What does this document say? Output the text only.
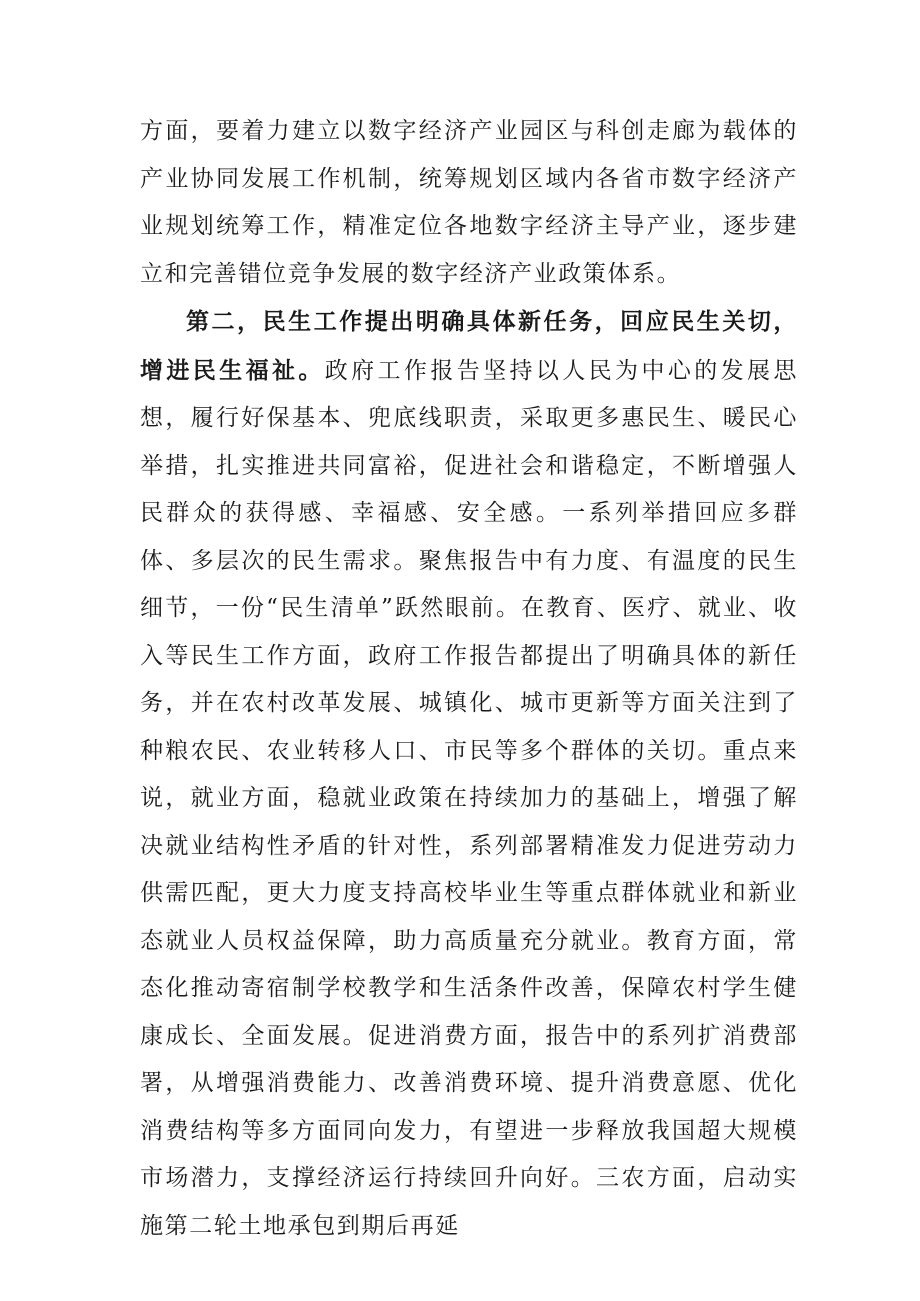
方面，要着力建立以数字经济产业园区与科创走廊为载体的产业协同发展工作机制，统筹规划区域内各省市数字经济产业规划统筹工作，精准定位各地数字经济主导产业，逐步建立和完善错位竞争发展的数字经济产业政策体系。

第二，民生工作提出明确具体新任务，回应民生关切，增进民生福祉。政府工作报告坚持以人民为中心的发展思想，履行好保基本、兜底线职责，采取更多惠民生、暖民心举措，扎实推进共同富裕，促进社会和谐稳定，不断增强人民群众的获得感、幸福感、安全感。一系列举措回应多群体、多层次的民生需求。聚焦报告中有力度、有温度的民生细节，一份“民生清单”跃然眼前。在教育、医疗、就业、收入等民生工作方面，政府工作报告都提出了明确具体的新任务，并在农村改革发展、城镇化、城市更新等方面关注到了种粮农民、农业转移人口、市民等多个群体的关切。重点来说，就业方面，稳就业政策在持续加力的基础上，增强了解决就业结构性矛盾的针对性，系列部署精准发力促进劳动力供需匹配，更大力度支持高校毕业生等重点群体就业和新业态就业人员权益保障，助力高质量充分就业。教育方面，常态化推动寄宿制学校教学和生活条件改善，保障农村学生健康成长、全面发展。促进消费方面，报告中的系列扩消费部署，从增强消费能力、改善消费环境、提升消费意愿、优化消费结构等多方面同向发力，有望进一步释放我国超大规模市场潜力，支撑经济运行持续回升向好。三农方面，启动实施第二轮土地承包到期后再延
